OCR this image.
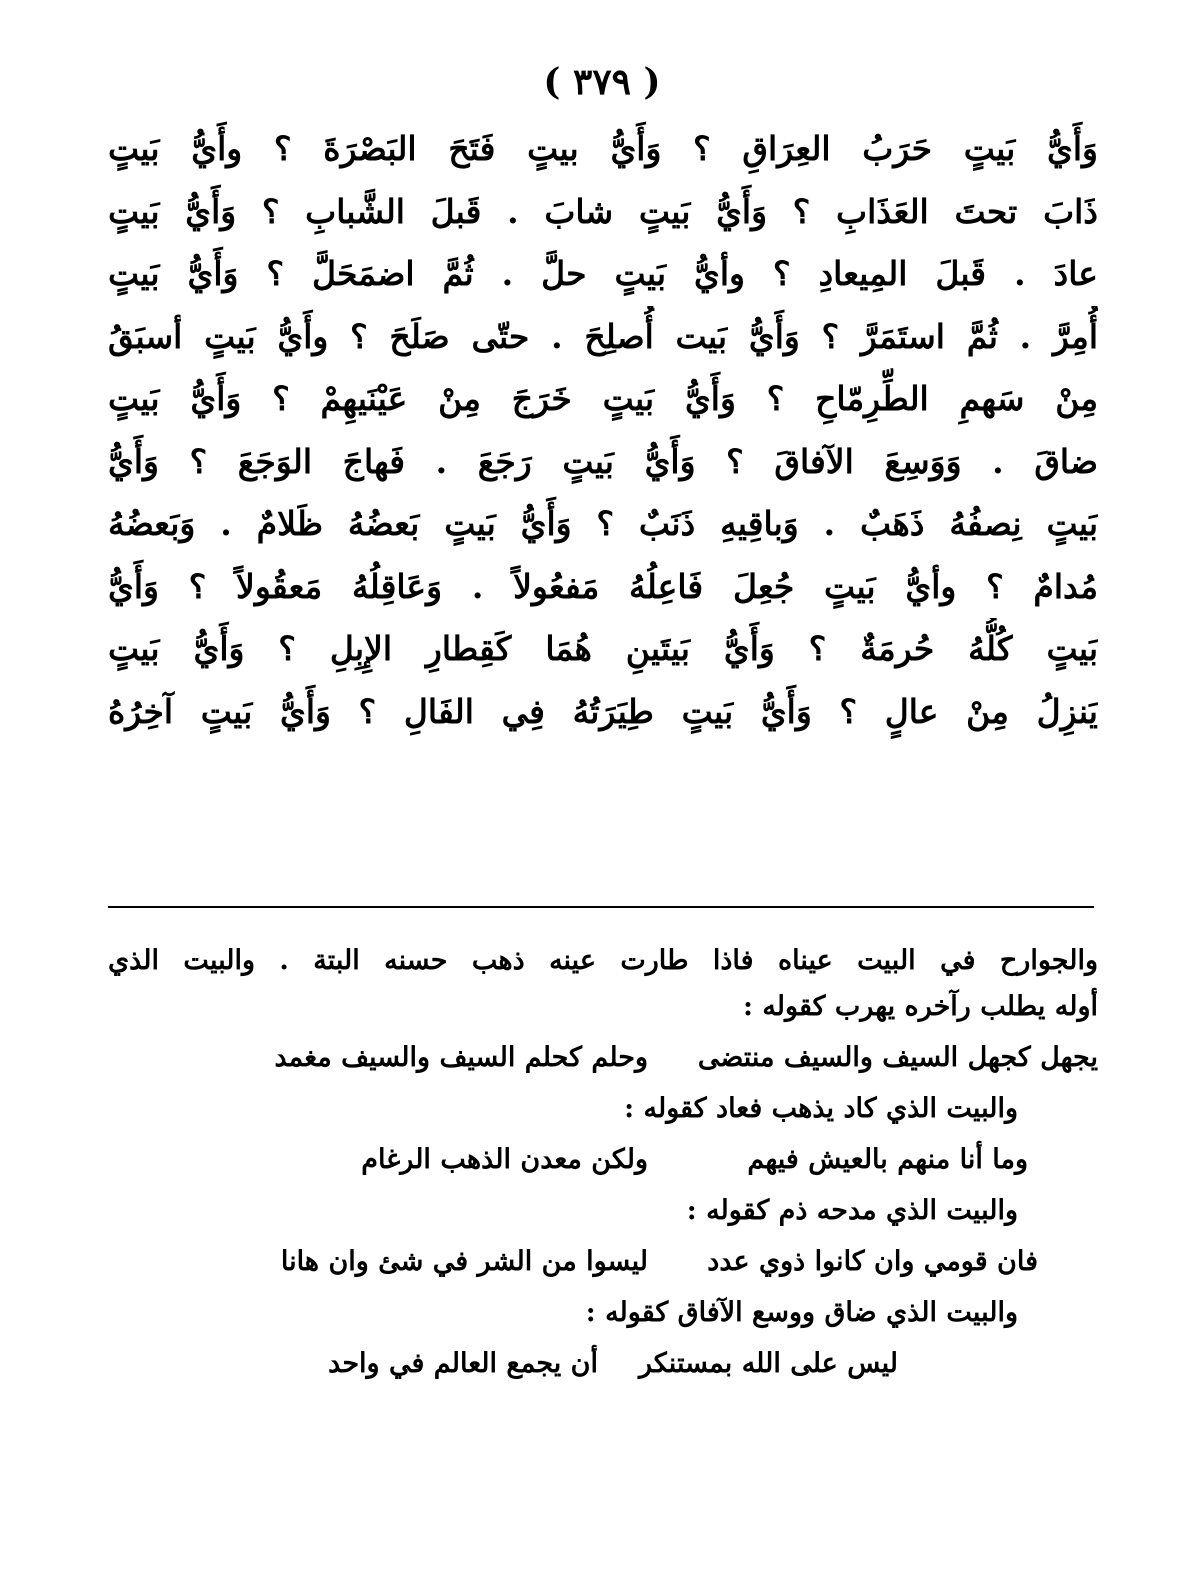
( ٣٧٩ )
وَأَيُّ بَيتٍ حَرَبُ العِرَاقِ ؟ وَأَيُّ بيتٍ فَتَحَ البَصْرَةَ ؟ وأَيُّ بَيتٍ
ذَابَ تحتَ العَذَابِ ؟ وَأَيُّ بَيتٍ شابَ . قَبلَ الشَّبابِ ؟ وَأَيُّ بَيتٍ
عادَ . قَبلَ المِيعادِ ؟ وأيُّ بَيتٍ حلَّ . ثُمَّ اضمَحَلَّ ؟ وَأَيُّ بَيتٍ
أُمِرَّ . ثُمَّ استَمَرَّ ؟ وَأَيُّ بَيت أُصلِحَ . حتّى صَلَحَ ؟ وأَيُّ بَيتٍ أسبَقُ
مِنْ سَهمِ الطِّرِمّاحِ ؟ وَأَيُّ بَيتٍ خَرَجَ مِنْ عَيْنَيهِمْ ؟ وَأَيُّ بَيتٍ
ضاقَ . وَوَسِعَ الآفاقَ ؟ وَأَيُّ بَيتٍ رَجَعَ . فَهاجَ الوَجَعَ ؟ وَأَيُّ
بَيتٍ نِصفُهُ ذَهَبٌ . وَباقِيهِ ذَنَبٌ ؟ وَأَيُّ بَيتٍ بَعضُهُ ظَلامٌ . وَبَعضُهُ
مُدامٌ ؟ وأيُّ بَيتٍ جُعِلَ فَاعِلُهُ مَفعُولاً . وَعَاقِلُهُ مَعقُولاً ؟ وَأَيُّ
بَيتٍ كُلُّهُ حُرمَةٌ ؟ وَأَيُّ بَيتَينِ هُمَا كَقِطارِ الإِبِلِ ؟ وَأَيُّ بَيتٍ
يَنزِلُ مِنْ عالٍ ؟ وَأَيُّ بَيتٍ طِيَرَتُهُ فِي الفَالِ ؟ وَأَيُّ بَيتٍ آخِرُهُ
والجوارح في البيت عيناه فاذا طارت عينه ذهب حسنه البتة . والبيت الذي
أوله يطلب رآخره يهرب كقوله :
يجهل كجهل السيف والسيف منتضى
وحلم كحلم السيف والسيف مغمد
والبيت الذي كاد يذهب فعاد كقوله :
وما أنا منهم بالعيش فيهم
ولكن معدن الذهب الرغام
والبيت الذي مدحه ذم كقوله :
فان قومي وان كانوا ذوي عدد
ليسوا من الشر في شئ وان هانا
والبيت الذي ضاق ووسع الآفاق كقوله :
ليس على الله بمستنكر
أن يجمع العالم في واحد
